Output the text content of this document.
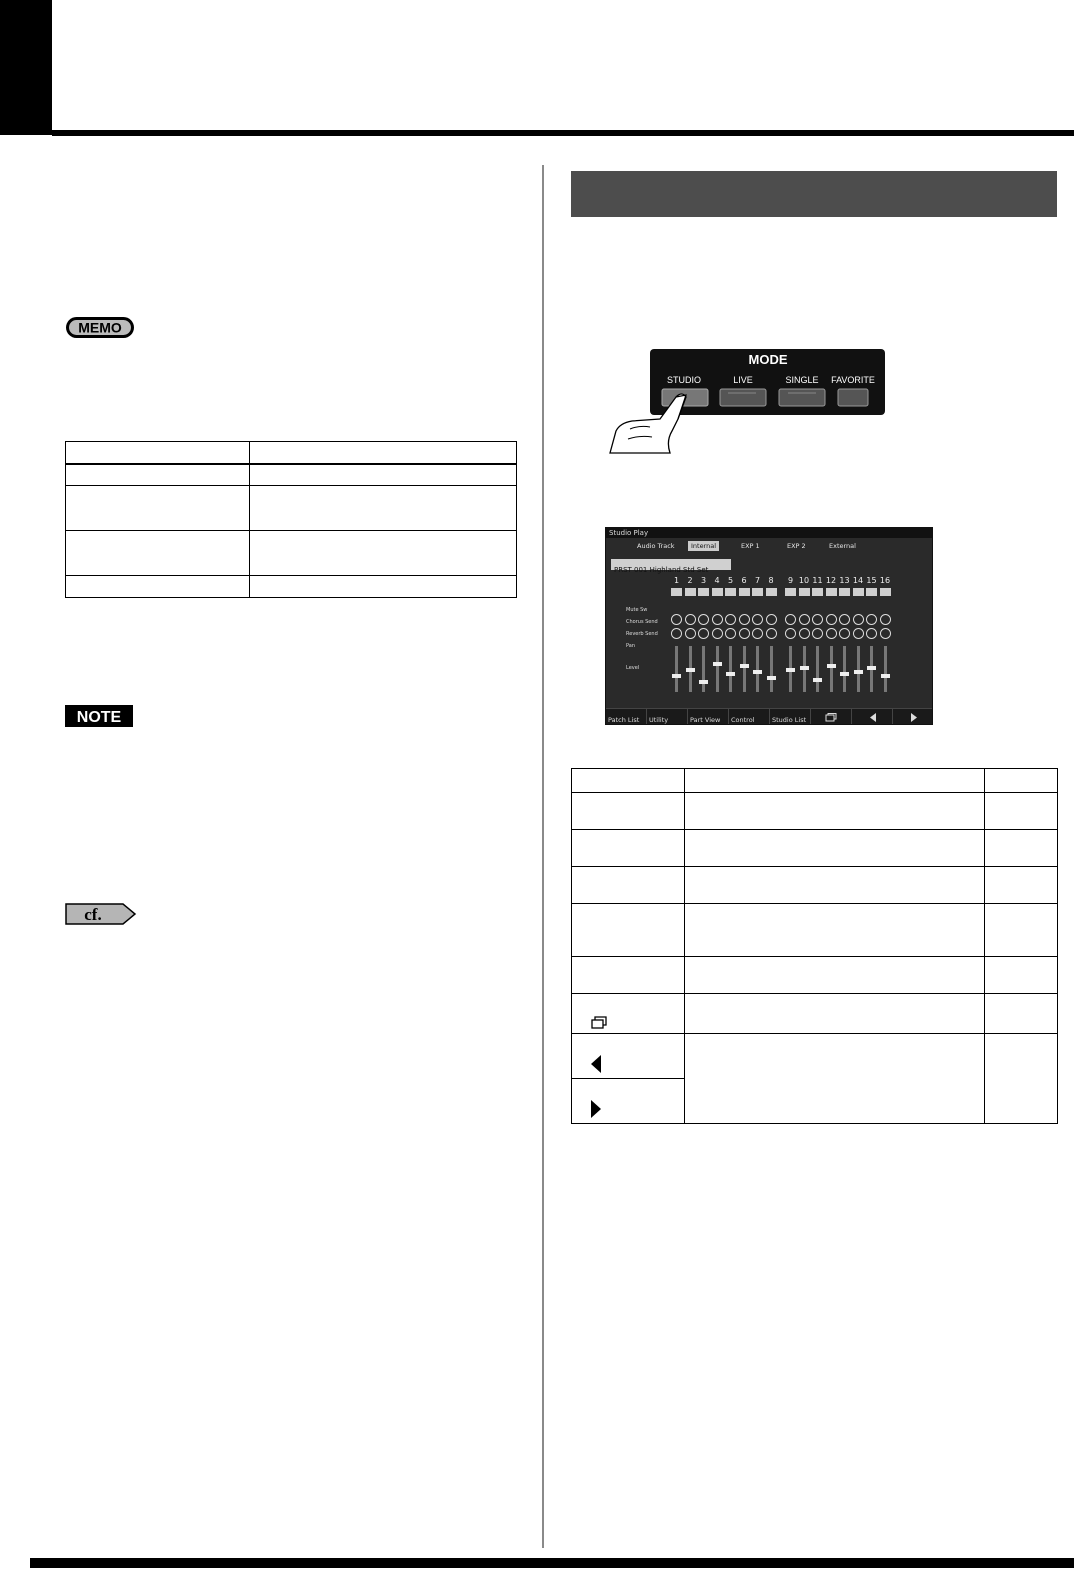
MEMO

NOTE
cf.
MODE
STUDIO	LIVE	SINGLE FAVORITE
Studio Play
Audio Track	Internal	EXP 1	EXP 2	External
PRST 001 Highland Std Set
Mute Sw
Chorus Send
Reverb Send
Pan
Level
1	2	3	4	5	6	7	8	9 10 11 12 13 14 15 16
Patch List Utility	Part View Control	Studio List
